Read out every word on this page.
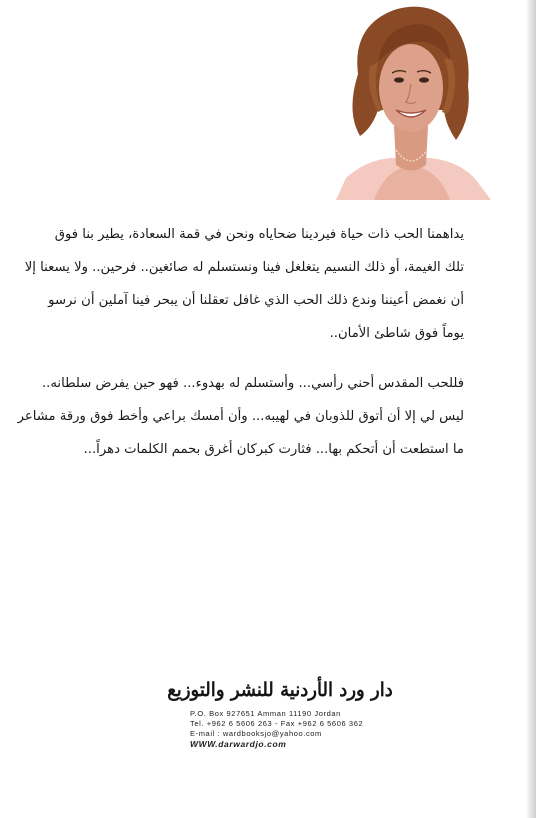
يداهمنا الحب ذات حياة فيردينا ضحاياه ونحن في قمة السعادة، يطير بنا فوق
تلك الغيمة، أو ذلك النسيم يتغلغل فينا ونستسلم له صائغين.. فرحين.. ولا يسعنا إلا
أن نغمض أعيننا وندع ذلك الحب الذي غافل تعقلنا أن يبحر فينا آملين أن نرسو
يوماً فوق شاطئ الأمان..
فللحب المقدس أحني رأسي... وأستسلم له بهدوء... فهو حين يفرض سلطانه..
ليس لي إلا أن أتوق للذوبان في لهيبه... وأن أمسك براعي وأخط فوق ورقة مشاعر
ما استطعت أن أتحكم بها... فثارت كبركان أغرق بحمم الكلمات دهراً...
دار ورد الأردنية للنشر والتوزيع
P.O. Box 927651 Amman 11190 Jordan
Tel. +962 6 5606 263 - Fax +962 6 5606 362
E-mail : wardbooksjo@yahoo.com
WWW.darwardjo.com
